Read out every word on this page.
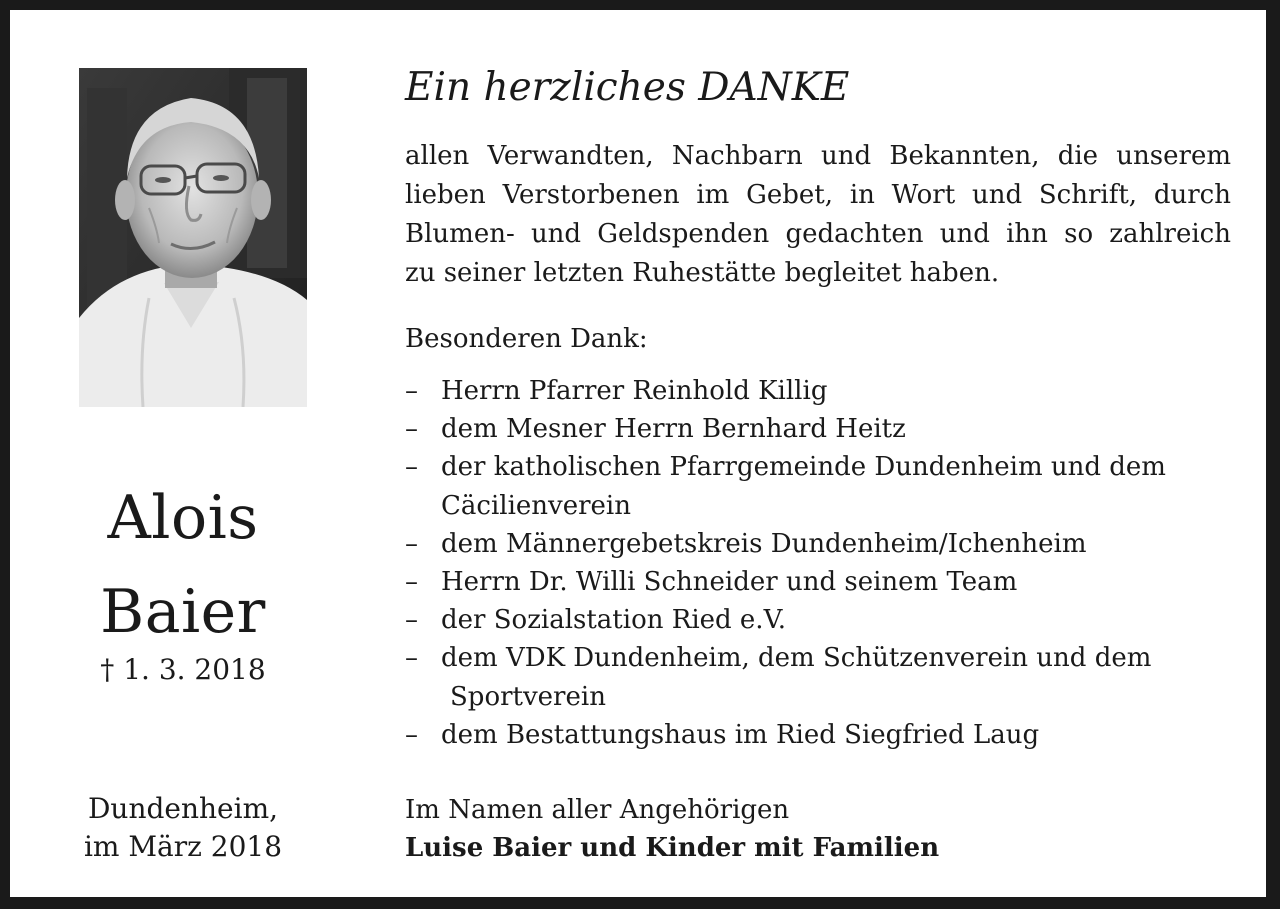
Alois
Baier
† 1. 3. 2018
Dundenheim,
im März 2018
Ein herzliches DANKE
allen Verwandten, Nachbarn und Bekannten, die unserem
lieben Verstorbenen im Gebet, in Wort und Schrift, durch
Blumen- und Geldspenden gedachten und ihn so zahlreich
zu seiner letzten Ruhestätte begleitet haben.
Besonderen Dank:
– Herrn Pfarrer Reinhold Killig
– dem Mesner Herrn Bernhard Heitz
– der katholischen Pfarrgemeinde Dundenheim und dem
Cäcilienverein
– dem Männergebetskreis Dundenheim/Ichenheim
– Herrn Dr. Willi Schneider und seinem Team
– der Sozialstation Ried e.V.
– dem VDK Dundenheim, dem Schützenverein und dem
Sportverein
– dem Bestattungshaus im Ried Siegfried Laug
Im Namen aller Angehörigen
Luise Baier und Kinder mit Familien
